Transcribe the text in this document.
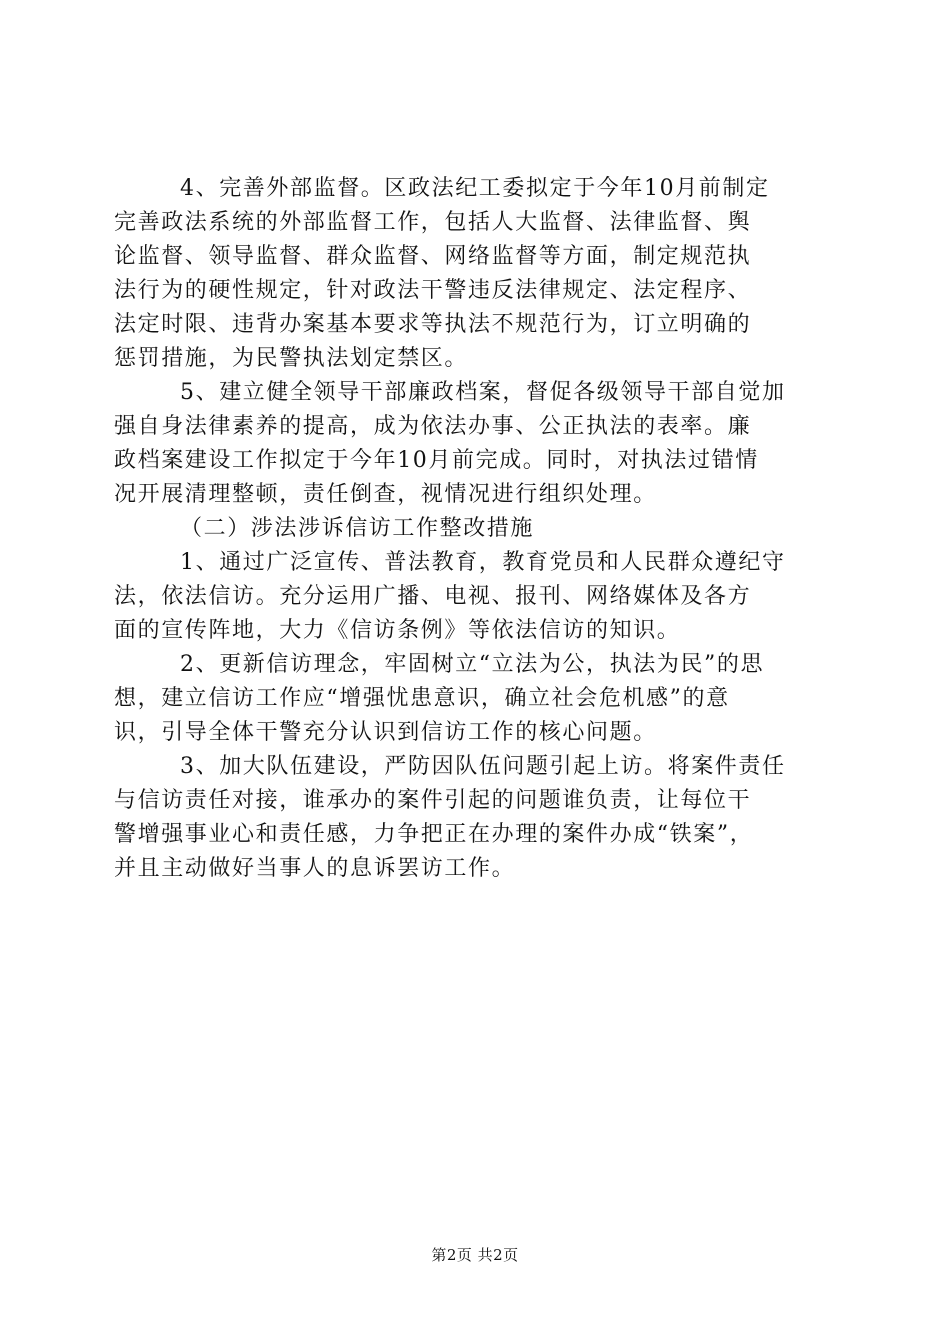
4、完善外部监督。区政法纪工委拟定于今年10月前制定
完善政法系统的外部监督工作，包括人大监督、法律监督、舆
论监督、领导监督、群众监督、网络监督等方面，制定规范执
法行为的硬性规定，针对政法干警违反法律规定、法定程序、
法定时限、违背办案基本要求等执法不规范行为，订立明确的
惩罚措施，为民警执法划定禁区。
5、建立健全领导干部廉政档案，督促各级领导干部自觉加
强自身法律素养的提高，成为依法办事、公正执法的表率。廉
政档案建设工作拟定于今年10月前完成。同时，对执法过错情
况开展清理整顿，责任倒查，视情况进行组织处理。
（二）涉法涉诉信访工作整改措施
1、通过广泛宣传、普法教育，教育党员和人民群众遵纪守
法，依法信访。充分运用广播、电视、报刊、网络媒体及各方
面的宣传阵地，大力《信访条例》等依法信访的知识。
2、更新信访理念，牢固树立“立法为公，执法为民”的思
想，建立信访工作应“增强忧患意识，确立社会危机感”的意
识，引导全体干警充分认识到信访工作的核心问题。
3、加大队伍建设，严防因队伍问题引起上访。将案件责任
与信访责任对接，谁承办的案件引起的问题谁负责，让每位干
警增强事业心和责任感，力争把正在办理的案件办成“铁案”，
并且主动做好当事人的息诉罢访工作。
第2页 共2页
